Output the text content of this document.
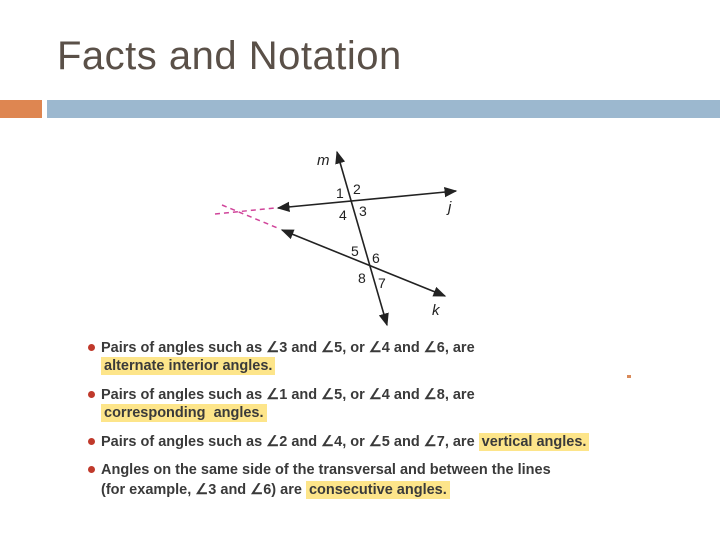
Facts and Notation
m
j
k
1 2
3
4
5 6
7
8
Pairs of angles such as ∠3 and ∠5, or ∠4 and ∠6, are
alternate interior angles.
Pairs of angles such as ∠1 and ∠5, or ∠4 and ∠8, are
corresponding  angles.
Pairs of angles such as ∠2 and ∠4, or ∠5 and ∠7, are vertical angles.
Angles on the same side of the transversal and between the lines
(for example, ∠3 and ∠6) are consecutive angles.
